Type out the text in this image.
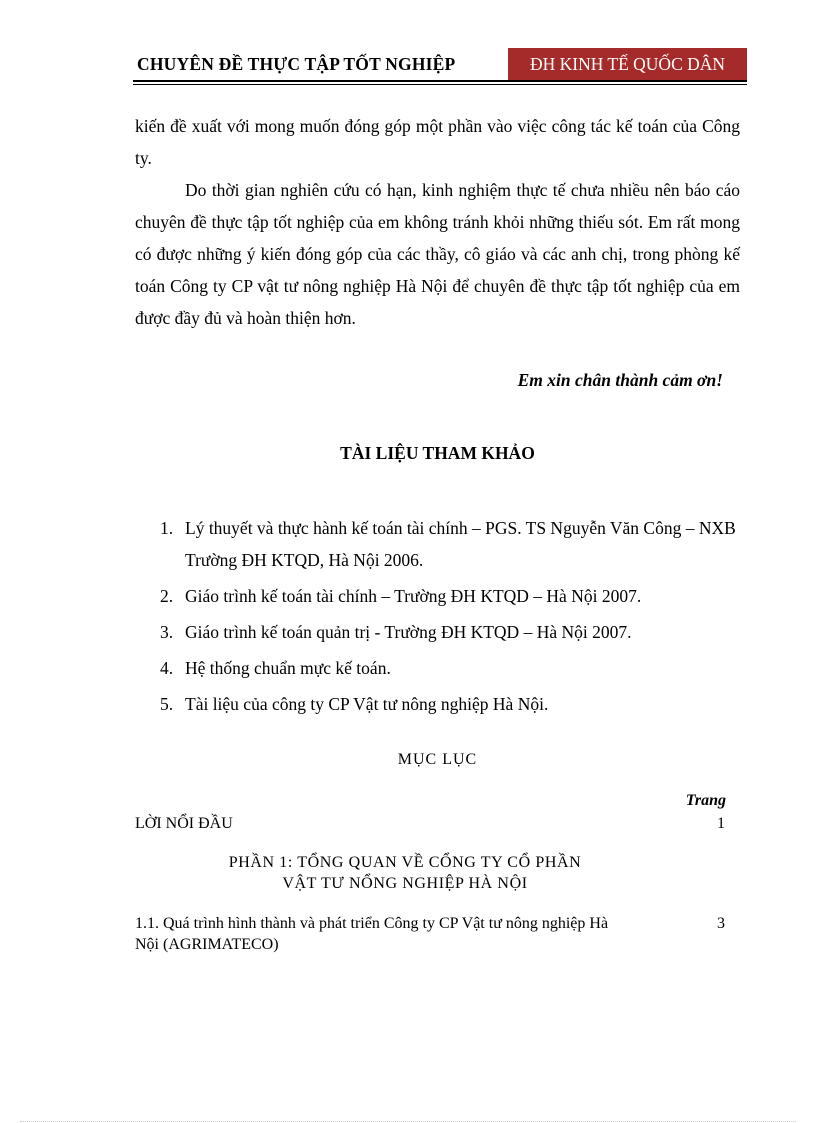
CHUYÊN ĐỀ THỰC TẬP TỐT NGHIỆP	ĐH KINH TẾ QUỐC DÂN
kiến đề xuất với mong muốn đóng góp một phần vào việc công tác kế toán của Công ty.
Do thời gian nghiên cứu có hạn, kinh nghiệm thực tế chưa nhiều nên báo cáo chuyên đề thực tập tốt nghiệp của em không tránh khỏi những thiếu sót. Em rất mong có được những ý kiến đóng góp của các thầy, cô giáo và các anh chị, trong phòng kế toán Công ty CP vật tư nông nghiệp Hà Nội để chuyên đề thực tập tốt nghiệp của em được đầy đủ và hoàn thiện hơn.
Em xin chân thành cảm ơn!
TÀI LIỆU THAM KHẢO
1. Lý thuyết và thực hành kế toán tài chính – PGS. TS Nguyễn Văn Công – NXB Trường ĐH KTQD, Hà Nội 2006.
2. Giáo trình kế toán tài chính – Trường ĐH KTQD – Hà Nội 2007.
3. Giáo trình kế toán quản trị - Trường ĐH KTQD – Hà Nội 2007.
4. Hệ thống chuẩn mực kế toán.
5. Tài liệu của công ty CP Vật tư nông nghiệp Hà Nội.
MỤC LỤC
Trang
LỜI NỔI ĐẦU	1
PHẦN 1: TỔNG QUAN VỀ CỔNG TY CỔ PHẦN
VẬT TƯ NỔNG NGHIỆP HÀ NỘI
1.1. Quá trình hình thành và phát triển Công ty CP Vật tư nông nghiệp Hà Nội (AGRIMATECO)
3
